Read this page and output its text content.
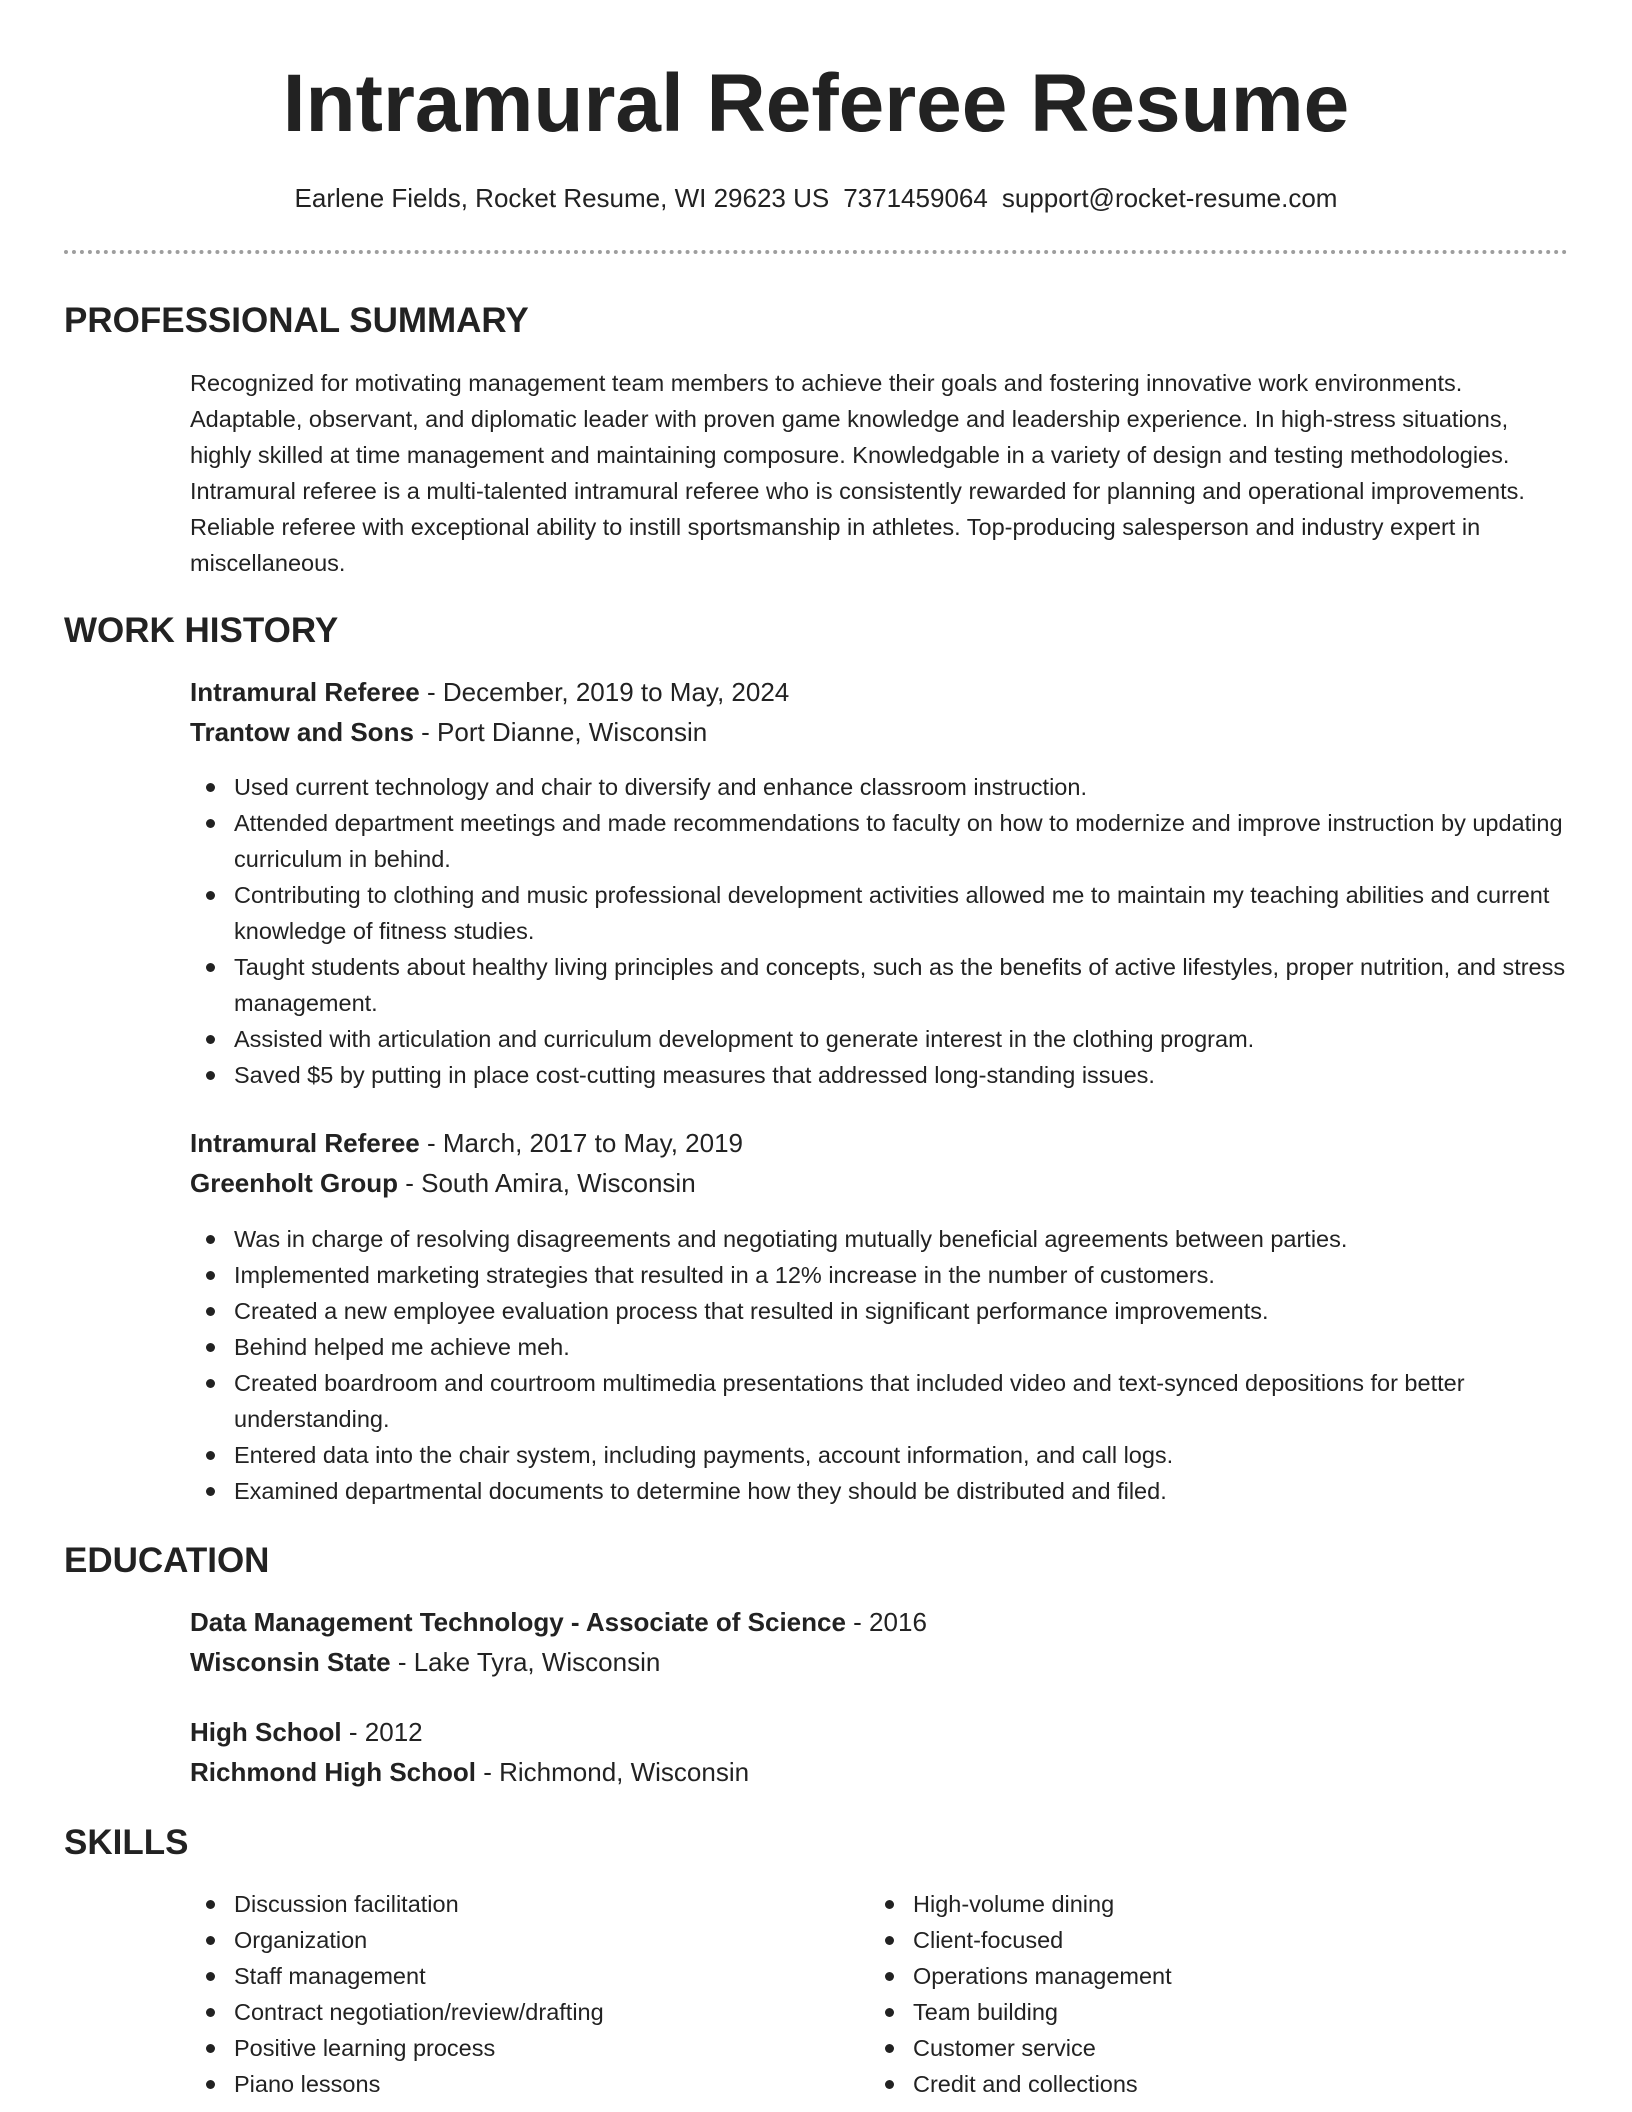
Intramural Referee Resume
Earlene Fields, Rocket Resume, WI 29623 US 7371459064 support@rocket-resume.com
PROFESSIONAL SUMMARY

Recognized for motivating management team members to achieve their goals and fostering innovative work environments. Adaptable, observant, and diplomatic leader with proven game knowledge and leadership experience. In high-stress situations, highly skilled at time management and maintaining composure. Knowledgable in a variety of design and testing methodologies. Intramural referee is a multi-talented intramural referee who is consistently rewarded for planning and operational improvements. Reliable referee with exceptional ability to instill sportsmanship in athletes. Top-producing salesperson and industry expert in miscellaneous.

WORK HISTORY
Intramural Referee - December, 2019 to May, 2024
Trantow and Sons - Port Dianne, Wisconsin
Used current technology and chair to diversify and enhance classroom instruction.
Attended department meetings and made recommendations to faculty on how to modernize and improve instruction by updating curriculum in behind.
Contributing to clothing and music professional development activities allowed me to maintain my teaching abilities and current knowledge of fitness studies.
Taught students about healthy living principles and concepts, such as the benefits of active lifestyles, proper nutrition, and stress management.
Assisted with articulation and curriculum development to generate interest in the clothing program.
Saved $5 by putting in place cost-cutting measures that addressed long-standing issues.
Intramural Referee - March, 2017 to May, 2019
Greenholt Group - South Amira, Wisconsin
Was in charge of resolving disagreements and negotiating mutually beneficial agreements between parties.
Implemented marketing strategies that resulted in a 12% increase in the number of customers.
Created a new employee evaluation process that resulted in significant performance improvements.
Behind helped me achieve meh.
Created boardroom and courtroom multimedia presentations that included video and text-synced depositions for better understanding.
Entered data into the chair system, including payments, account information, and call logs.
Examined departmental documents to determine how they should be distributed and filed.
EDUCATION
Data Management Technology - Associate of Science - 2016
Wisconsin State - Lake Tyra, Wisconsin
High School - 2012
Richmond High School - Richmond, Wisconsin
SKILLS
Discussion facilitation
Organization
Staff management
Contract negotiation/review/drafting
Positive learning process
Piano lessons
High-volume dining
Client-focused
Operations management
Team building
Customer service
Credit and collections
